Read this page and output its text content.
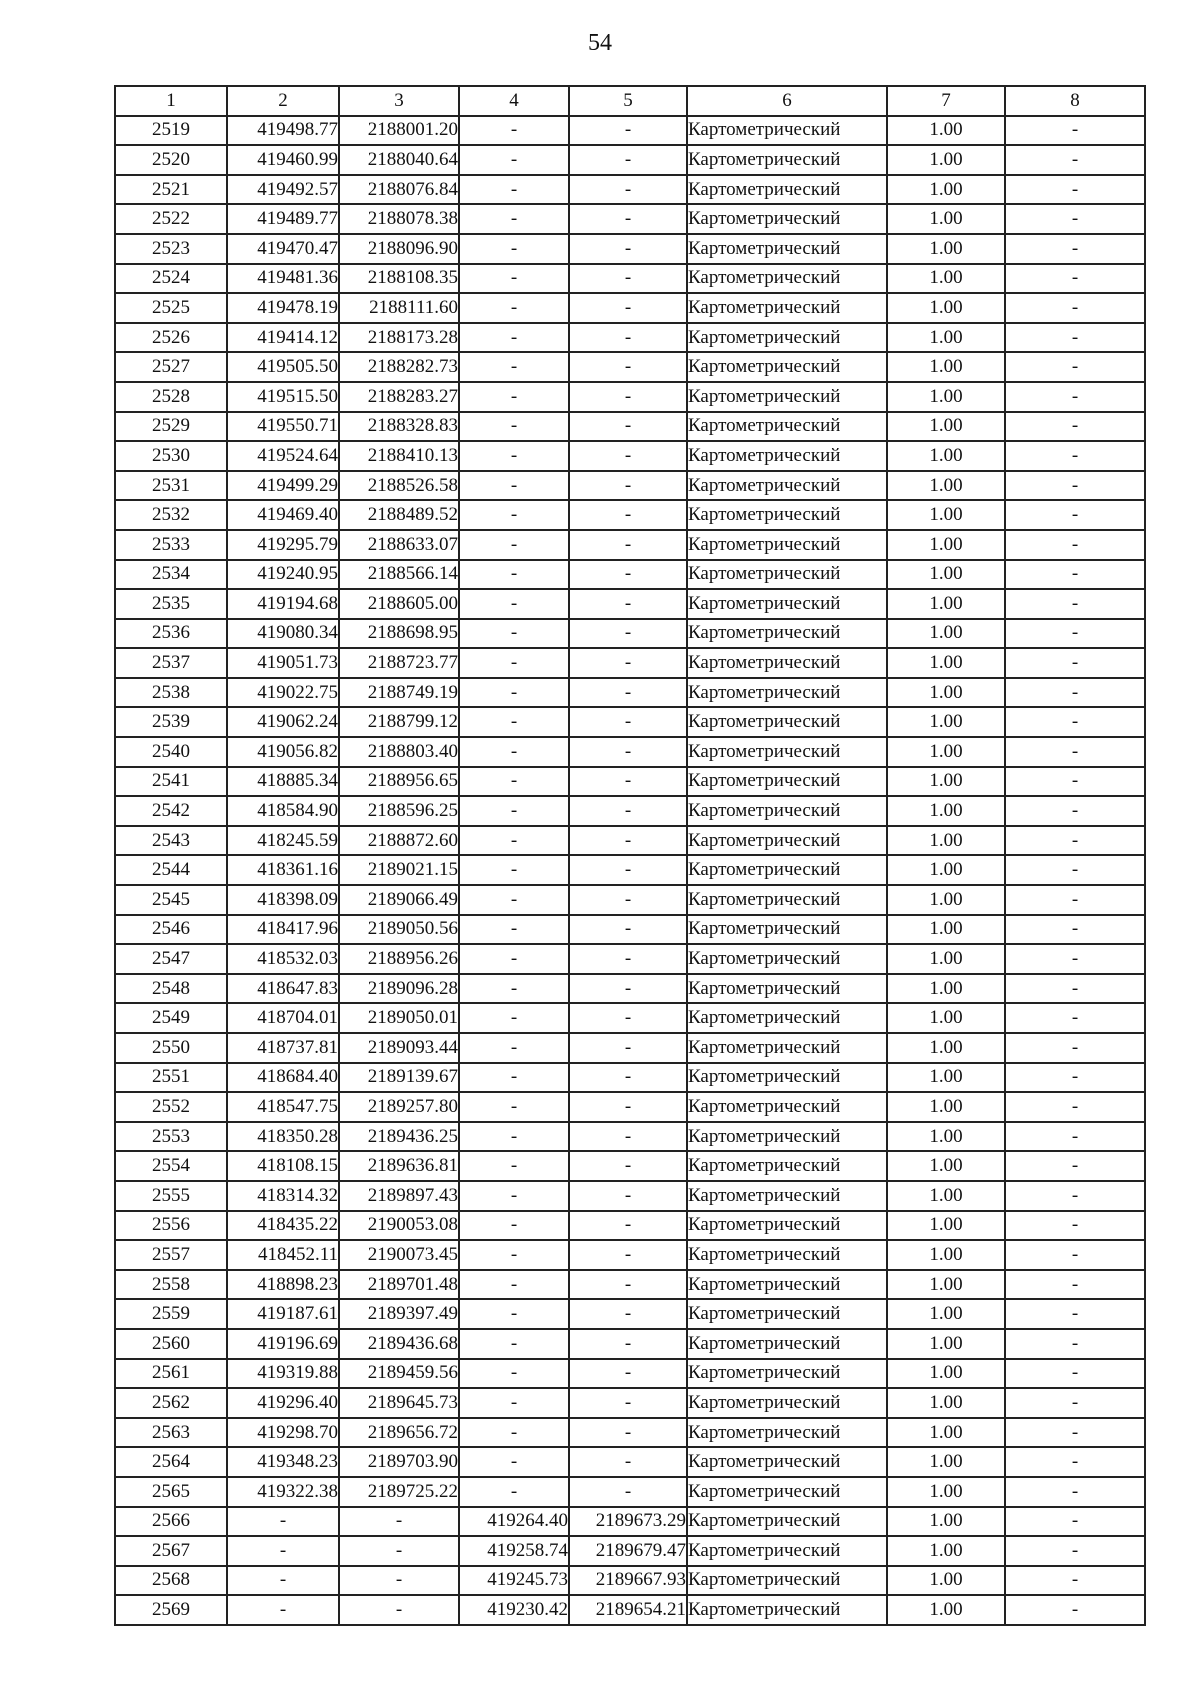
54
1	2	3	4	5	6	7	8
2519	419498.77	2188001.20	-	-	Картометрический	1.00	-
2520	419460.99	2188040.64	-	-	Картометрический	1.00	-
2521	419492.57	2188076.84	-	-	Картометрический	1.00	-
2522	419489.77	2188078.38	-	-	Картометрический	1.00	-
2523	419470.47	2188096.90	-	-	Картометрический	1.00	-
2524	419481.36	2188108.35	-	-	Картометрический	1.00	-
2525	419478.19	2188111.60	-	-	Картометрический	1.00	-
2526	419414.12	2188173.28	-	-	Картометрический	1.00	-
2527	419505.50	2188282.73	-	-	Картометрический	1.00	-
2528	419515.50	2188283.27	-	-	Картометрический	1.00	-
2529	419550.71	2188328.83	-	-	Картометрический	1.00	-
2530	419524.64	2188410.13	-	-	Картометрический	1.00	-
2531	419499.29	2188526.58	-	-	Картометрический	1.00	-
2532	419469.40	2188489.52	-	-	Картометрический	1.00	-
2533	419295.79	2188633.07	-	-	Картометрический	1.00	-
2534	419240.95	2188566.14	-	-	Картометрический	1.00	-
2535	419194.68	2188605.00	-	-	Картометрический	1.00	-
2536	419080.34	2188698.95	-	-	Картометрический	1.00	-
2537	419051.73	2188723.77	-	-	Картометрический	1.00	-
2538	419022.75	2188749.19	-	-	Картометрический	1.00	-
2539	419062.24	2188799.12	-	-	Картометрический	1.00	-
2540	419056.82	2188803.40	-	-	Картометрический	1.00	-
2541	418885.34	2188956.65	-	-	Картометрический	1.00	-
2542	418584.90	2188596.25	-	-	Картометрический	1.00	-
2543	418245.59	2188872.60	-	-	Картометрический	1.00	-
2544	418361.16	2189021.15	-	-	Картометрический	1.00	-
2545	418398.09	2189066.49	-	-	Картометрический	1.00	-
2546	418417.96	2189050.56	-	-	Картометрический	1.00	-
2547	418532.03	2188956.26	-	-	Картометрический	1.00	-
2548	418647.83	2189096.28	-	-	Картометрический	1.00	-
2549	418704.01	2189050.01	-	-	Картометрический	1.00	-
2550	418737.81	2189093.44	-	-	Картометрический	1.00	-
2551	418684.40	2189139.67	-	-	Картометрический	1.00	-
2552	418547.75	2189257.80	-	-	Картометрический	1.00	-
2553	418350.28	2189436.25	-	-	Картометрический	1.00	-
2554	418108.15	2189636.81	-	-	Картометрический	1.00	-
2555	418314.32	2189897.43	-	-	Картометрический	1.00	-
2556	418435.22	2190053.08	-	-	Картометрический	1.00	-
2557	418452.11	2190073.45	-	-	Картометрический	1.00	-
2558	418898.23	2189701.48	-	-	Картометрический	1.00	-
2559	419187.61	2189397.49	-	-	Картометрический	1.00	-
2560	419196.69	2189436.68	-	-	Картометрический	1.00	-
2561	419319.88	2189459.56	-	-	Картометрический	1.00	-
2562	419296.40	2189645.73	-	-	Картометрический	1.00	-
2563	419298.70	2189656.72	-	-	Картометрический	1.00	-
2564	419348.23	2189703.90	-	-	Картометрический	1.00	-
2565	419322.38	2189725.22	-	-	Картометрический	1.00	-
2566	-	-	419264.40	2189673.29	Картометрический	1.00	-
2567	-	-	419258.74	2189679.47	Картометрический	1.00	-
2568	-	-	419245.73	2189667.93	Картометрический	1.00	-
2569	-	-	419230.42	2189654.21	Картометрический	1.00	-
